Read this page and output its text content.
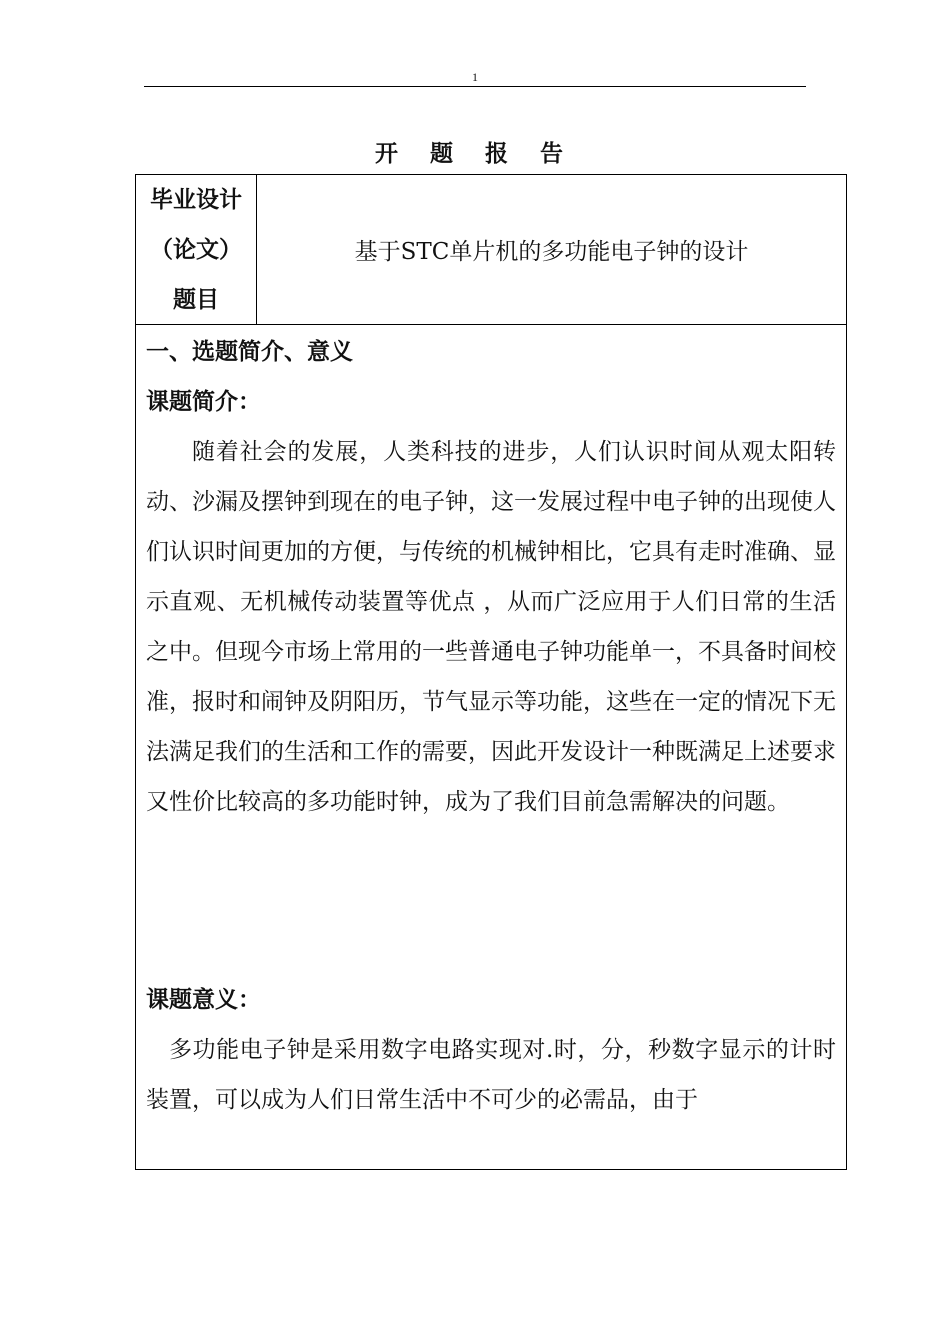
1
开 题 报 告
毕业设计
（论文）
题目
基于STC单片机的多功能电子钟的设计

一、选题简介、意义

课题简介：

随着社会的发展，人类科技的进步，人们认识时间从观太阳转动、沙漏及摆钟到现在的电子钟，这一发展过程中电子钟的出现使人们认识时间更加的方便，与传统的机械钟相比，它具有走时准确、显示直观、无机械传动装置等优点 ，从而广泛应用于人们日常的生活之中。但现今市场上常用的一些普通电子钟功能单一，不具备时间校准，报时和闹钟及阴阳历，节气显示等功能，这些在一定的情况下无法满足我们的生活和工作的需要，因此开发设计一种既满足上述要求又性价比较高的多功能时钟，成为了我们目前急需解决的问题。

课题意义：

多功能电子钟是采用数字电路实现对.时，分，秒数字显示的计时装置，可以成为人们日常生活中不可少的必需品，由于
